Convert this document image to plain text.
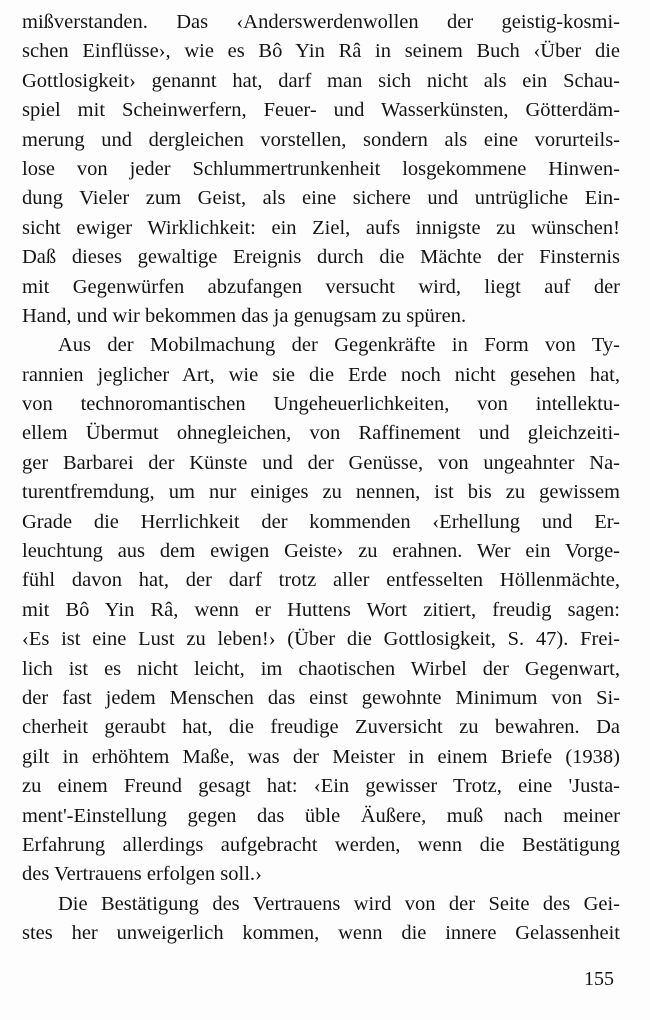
mißverstanden. Das ‹Anderswerdenwollen der geistig-kosmi-
schen Einflüsse›, wie es Bô Yin Râ in seinem Buch ‹Über die
Gottlosigkeit› genannt hat, darf man sich nicht als ein Schau-
spiel mit Scheinwerfern, Feuer- und Wasserkünsten, Götterdäm-
merung und dergleichen vorstellen, sondern als eine vorurteils-
lose von jeder Schlummertrunkenheit losgekommene Hinwen-
dung Vieler zum Geist, als eine sichere und untrügliche Ein-
sicht ewiger Wirklichkeit: ein Ziel, aufs innigste zu wünschen!
Daß dieses gewaltige Ereignis durch die Mächte der Finsternis
mit Gegenwürfen abzufangen versucht wird, liegt auf der
Hand, und wir bekommen das ja genugsam zu spüren.
Aus der Mobilmachung der Gegenkräfte in Form von Ty-
rannien jeglicher Art, wie sie die Erde noch nicht gesehen hat,
von technoromantischen Ungeheuerlichkeiten, von intellektu-
ellem Übermut ohnegleichen, von Raffinement und gleichzeiti-
ger Barbarei der Künste und der Genüsse, von ungeahnter Na-
turentfremdung, um nur einiges zu nennen, ist bis zu gewissem
Grade die Herrlichkeit der kommenden ‹Erhellung und Er-
leuchtung aus dem ewigen Geiste› zu erahnen. Wer ein Vorge-
fühl davon hat, der darf trotz aller entfesselten Höllenmächte,
mit Bô Yin Râ, wenn er Huttens Wort zitiert, freudig sagen:
‹Es ist eine Lust zu leben!› (Über die Gottlosigkeit, S. 47). Frei-
lich ist es nicht leicht, im chaotischen Wirbel der Gegenwart,
der fast jedem Menschen das einst gewohnte Minimum von Si-
cherheit geraubt hat, die freudige Zuversicht zu bewahren. Da
gilt in erhöhtem Maße, was der Meister in einem Briefe (1938)
zu einem Freund gesagt hat: ‹Ein gewisser Trotz, eine 'Justa-
ment'-Einstellung gegen das üble Äußere, muß nach meiner
Erfahrung allerdings aufgebracht werden, wenn die Bestätigung
des Vertrauens erfolgen soll.›
Die Bestätigung des Vertrauens wird von der Seite des Gei-
stes her unweigerlich kommen, wenn die innere Gelassenheit
155
